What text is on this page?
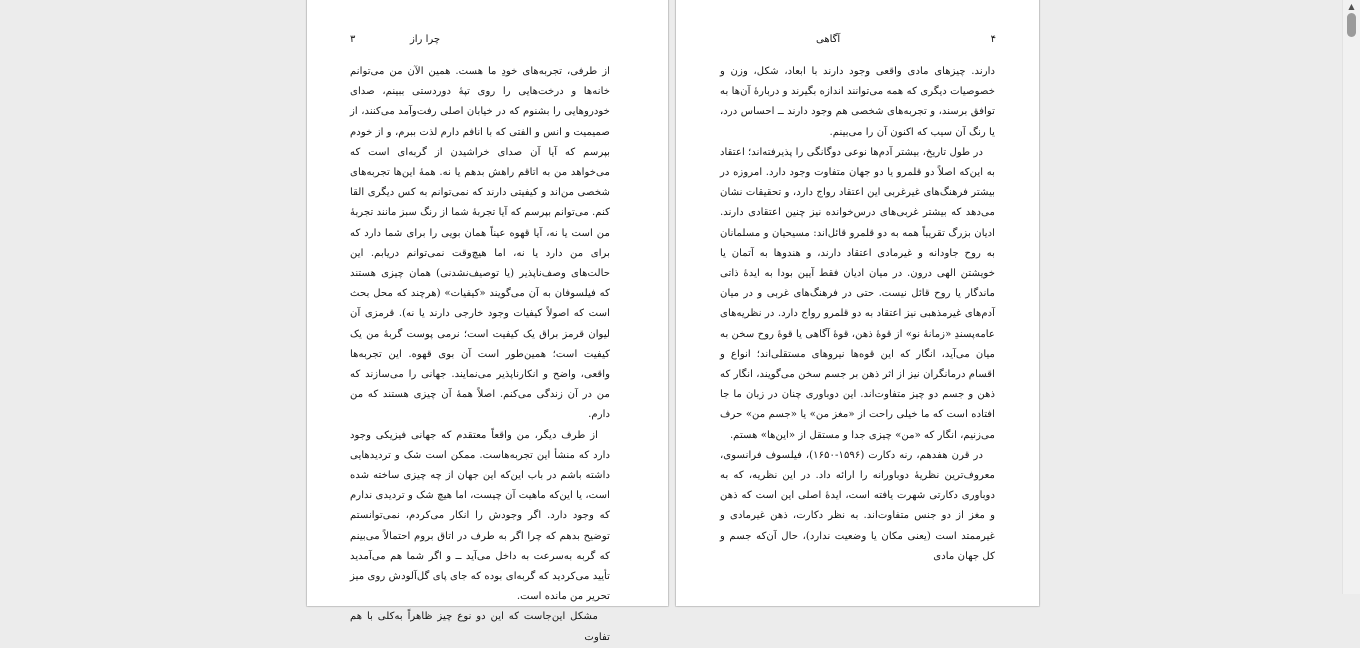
۳	چرا راز

از طرفی، تجربه‌های خودِ ما هست. همین الآن من می‌توانم خانه‌ها و درخت‌هایی را روی تپهٔ دوردستی ببینم، صدای خودروهایی را بشنوم که در خیابان اصلی رفت‌وآمد می‌کنند، از صمیمیت و انس و الفتی که با انافم دارم لذت ببرم، و از خودم بپرسم که آیا آن صدای خراشیدن از گربه‌ای است که می‌خواهد من به اتاقم راهش بدهم یا نه. همهٔ این‌ها تجربه‌های شخصی من‌اند و کیفیتی دارند که نمی‌توانم به کس دیگری القا کنم. می‌توانم بپرسم که آیا تجربهٔ شما از رنگ سبز مانند تجربهٔ من است یا نه، آیا قهوه عیناً همان بویی را برای شما دارد که برای من دارد یا نه، اما هیچ‌وقت نمی‌توانم دریابم. این حالت‌های وصف‌ناپذیر (یا توصیف‌نشدنی) همان چیزی هستند که فیلسوفان به آن می‌گویند «کیفیات» (هرچند که محل بحث است که اصولاً کیفیات وجود خارجی دارند یا نه). قرمزی آن لیوان قرمز براق یک کیفیت است؛ نرمی پوست گربهٔ من یک کیفیت است؛ همین‌طور است آن بوی قهوه. این تجربه‌ها واقعی، واضح و انکارناپذیر می‌نمایند. جهانی را می‌سازند که من در آن زندگی می‌کنم. اصلاً همهٔ آن چیزی هستند که من دارم.

از طرف دیگر، من واقعاً معتقدم که جهانی فیزیکی وجود دارد که منشأ این تجربه‌هاست. ممکن است شک و تردیدهایی داشته باشم در باب این‌که این جهان از چه چیزی ساخته شده است، یا این‌که ماهیت آن چیست، اما هیچ شک و تردیدی ندارم که وجود دارد. اگر وجودش را انکار می‌کردم، نمی‌توانستم توضیح بدهم که چرا اگر به طرف در اتاق بروم احتمالاً می‌بینم که گربه به‌سرعت به داخل می‌آید ــ و اگر شما هم می‌آمدید تأیید می‌کردید که گربه‌ای بوده که جای پای گل‌آلودش روی میز تحریر من مانده است.

مشکل این‌جاست که این دو نوع چیز ظاهراً به‌کلی با هم تفاوت

آگاهی	۴

دارند. چیزهای مادی واقعی وجود دارند با ابعاد، شکل، وزن و خصوصیات دیگری که همه می‌توانند اندازه بگیرند و دربارهٔ آن‌ها به توافق برسند، و تجربه‌های شخصی هم وجود دارند ــ احساس درد، یا رنگ آن سیب که اکنون آن را می‌بینم.

در طول تاریخ، بیشتر آدم‌ها نوعی دوگانگی را پذیرفته‌اند؛ اعتقاد به این‌که اصلاً دو قلمرو یا دو جهان متفاوت وجود دارد. امروزه در بیشتر فرهنگ‌های غیرغربی این اعتقاد رواج دارد، و تحقیقات نشان می‌دهد که بیشتر غربی‌های درس‌خوانده نیز چنین اعتقادی دارند. ادیان بزرگ تقریباً همه به دو قلمرو قائل‌اند: مسیحیان و مسلمانان به روح جاودانه و غیرمادی اعتقاد دارند، و هندوها به آتمان یا خویشتن الهی درون. در میان ادیان فقط آیین بودا به ایدهٔ ذاتی ماندگار یا روح قائل نیست. حتی در فرهنگ‌های غربی و در میان آدم‌های غیرمذهبی نیز اعتقاد به دو قلمرو رواج دارد. در نظریه‌های عامه‌پسندِ «زمانهٔ نو» از قوهٔ ذهن، قوهٔ آگاهی یا قوهٔ روح سخن به میان می‌آید، انگار که این قوه‌ها نیروهای مستقلی‌اند؛ انواع و اقسام درمانگران نیز از اثر ذهن بر جسم سخن می‌گویند، انگار که ذهن و جسم دو چیز متفاوت‌اند. این دوباوری چنان در زبان ما جا افتاده است که ما خیلی راحت از «مغز من» یا «جسم من» حرف می‌زنیم، انگار که «من» چیزی جدا و مستقل از «این‌ها» هستم.

در قرن هفدهم، رنه دکارت (۱۵۹۶-۱۶۵۰)، فیلسوف فرانسوی، معروف‌ترین نظریهٔ دوباورانه را ارائه داد. در این نظریه، که به دوباوری دکارتی شهرت یافته است، ایدهٔ اصلی این است که ذهن و مغز از دو جنس متفاوت‌اند. به نظر دکارت، ذهن غیرمادی و غیرممتد است (یعنی مکان یا وضعیت ندارد)، حال آن‌که جسم و کل جهان مادی

▲
